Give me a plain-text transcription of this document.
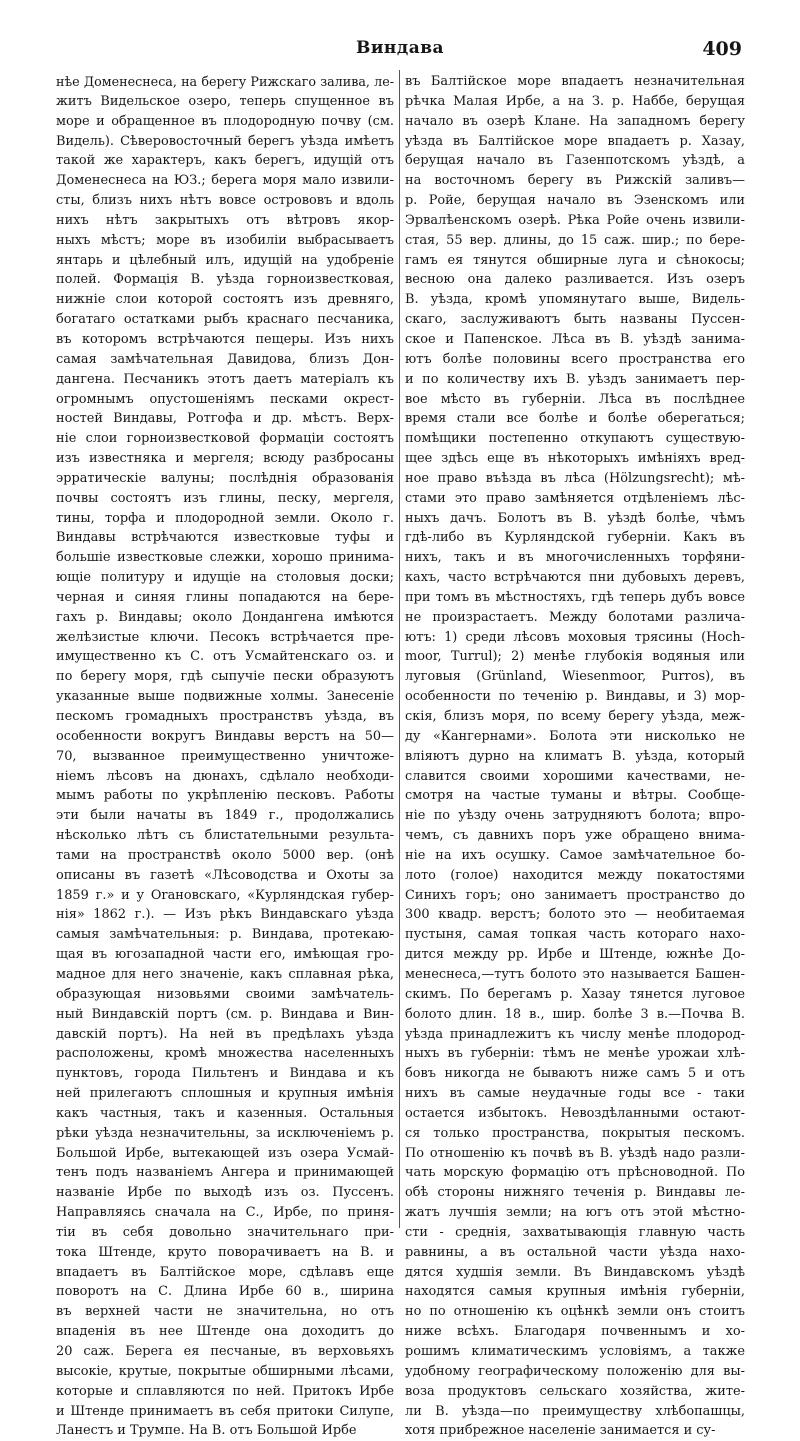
Виндава	409
нѣе Доменеснеса, на берегу Рижскаго залива, ле-
житъ Видельское озеро, теперь спущенное въ
море и обращенное въ плодородную почву (см.
Видель). Сѣверовосточный берегъ уѣзда имѣетъ
такой же характеръ, какъ берегъ, идущій отъ
Доменеснеса на ЮЗ.; берега моря мало извили-
сты, близъ нихъ нѣтъ вовсе острововъ и вдоль
нихъ нѣтъ закрытыхъ отъ вѣтровъ якор-
ныхъ мѣстъ; море въ изобиліи выбрасываетъ
янтарь и цѣлебный илъ, идущій на удобреніе
полей. Формація В. уѣзда горноизвестковая,
нижніе слои которой состоятъ изъ древняго,
богатаго остатками рыбъ краснаго песчаника,
въ которомъ встрѣчаются пещеры. Изъ нихъ
самая замѣчательная Давидова, близъ Дон-
дангена. Песчаникъ этотъ даетъ матеріалъ къ
огромнымъ опустошеніямъ песками окрест-
ностей Виндавы, Ротгофа и др. мѣстъ. Верх-
ніе слои горноизвестковой формаціи состоятъ
изъ известняка и мергеля; всюду разбросаны
эрратическіе валуны; послѣднія образованія
почвы состоятъ изъ глины, песку, мергеля,
тины, торфа и плодородной земли. Около г.
Виндавы встрѣчаются известковые туфы и
большіе известковые слежки, хорошо принима-
ющіе политуру и идущіе на столовыя доски;
черная и синяя глины попадаются на бере-
гахъ р. Виндавы; около Дондангена имѣются
желѣзистые ключи. Песокъ встрѣчается пре-
имущественно къ С. отъ Усмайтенскаго оз. и
по берегу моря, гдѣ сыпучіе пески образуютъ
указанные выше подвижные холмы. Занесеніе
пескомъ громадныхъ пространствъ уѣзда, въ
особенности вокругъ Виндавы верстъ на 50—
70, вызванное преимущественно уничтоже-
ніемъ лѣсовъ на дюнахъ, сдѣлало необходи-
мымъ работы по укрѣпленію песковъ. Работы
эти были начаты въ 1849 г., продолжались
нѣсколько лѣтъ съ блистательными результа-
тами на пространствѣ около 5000 вер. (онѣ
описаны въ газетѣ «Лѣсоводства и Охоты за
1859 г.» и у Orановскаго, «Курляндская губер-
нія» 1862 г.). — Изъ рѣкъ Виндавскаго уѣзда
самыя замѣчательныя: р. Виндава, протекаю-
щая въ югозападной части его, имѣющая гро-
мадное для него значеніе, какъ сплавная рѣка,
образующая низовьями своими замѣчатель-
ный Виндавскій портъ (см. р. Виндава и Вин-
давскій портъ). На ней въ предѣлахъ уѣзда
расположены, кромѣ множества населенныхъ
пунктовъ, города Пильтенъ и Виндава и къ
ней прилегаютъ сплошныя и крупныя имѣнія
какъ частныя, такъ и казенныя. Остальныя
рѣки уѣзда незначительны, за исключеніемъ р.
Большой Ирбе, вытекающей изъ озера Усмай-
тенъ подъ названіемъ Ангера и принимающей
названіе Ирбе по выходѣ изъ оз. Пуссенъ.
Направляясь сначала на С., Ирбе, по приня-
тіи въ себя довольно значительнаго при-
тока Штенде, круто поворачиваетъ на В. и
впадаетъ въ Балтійское море, сдѣлавъ еще
поворотъ на С. Длина Ирбе 60 в., ширина
въ верхней части не значительна, но отъ
впаденія въ нее Штенде она доходитъ до
20 саж. Берега ея песчаные, въ верховьяхъ
высокіе, крутые, покрытые обширными лѣсами,
которые и сплавляются по ней. Притокъ Ирбе
и Штенде принимаетъ въ себя притоки Силупе,
Ланестъ и Трумпе. На В. отъ Большой Ирбе
въ Балтійское море впадаетъ незначительная
рѣчка Малая Ирбе, а на З. р. Наббе, берущая
начало въ озерѣ Клане. На западномъ берегу
уѣзда въ Балтійское море впадаетъ р. Хазау,
берущая начало въ Газенпотскомъ уѣздѣ, а
на восточномъ берегу въ Рижскій заливъ—
р. Ройе, берущая начало въ Эзенскомъ или
Эрвалѣенскомъ озерѣ. Рѣка Ройе очень извили-
стая, 55 вер. длины, до 15 саж. шир.; по бере-
гамъ ея тянутся обширные луга и сѣнокосы;
весною она далеко разливается. Изъ озеръ
В. уѣзда, кромѣ упомянутаго выше, Видель-
скаго, заслуживаютъ быть названы Пуссен-
ское и Папенское. Лѣса въ В. уѣздѣ занима-
ютъ болѣе половины всего пространства его
и по количеству ихъ В. уѣздъ занимаетъ пер-
вое мѣсто въ губерніи. Лѣса въ послѣднее
время стали все болѣе и болѣе оберегаться;
помѣщики постепенно откупаютъ существую-
щее здѣсь еще въ нѣкоторыхъ имѣніяхъ вред-
ное право въѣзда въ лѣса (Hölzungsrecht); мѣ-
стами это право замѣняется отдѣленіемъ лѣс-
ныхъ дачъ. Болотъ въ В. уѣздѣ болѣе, чѣмъ
гдѣ-либо въ Курляндской губерніи. Какъ въ
нихъ, такъ и въ многочисленныхъ торфяни-
кахъ, часто встрѣчаются пни дубовыхъ деревъ,
при томъ въ мѣстностяхъ, гдѣ теперь дубъ вовсе
не произрастаетъ. Между болотами различа-
ютъ: 1) среди лѣсовъ моховыя трясины (Hoch-
moor, Turrul); 2) менѣе глубокія водяныя или
луговыя (Grünland, Wiesenmoor, Purros), въ
особенности по теченію р. Виндавы, и 3) мор-
скія, близъ моря, по всему берегу уѣзда, меж-
ду «Кангернами». Болота эти нисколько не
вліяютъ дурно на климатъ В. уѣзда, который
славится своими хорошими качествами, не-
смотря на частые туманы и вѣтры. Сообще-
ніе по уѣзду очень затрудняютъ болота; впро-
чемъ, съ давнихъ поръ уже обращено внима-
ніе на ихъ осушку. Самое замѣчательное бо-
лото (голое) находится между покатостями
Синихъ горъ; оно занимаетъ пространство до
300 квадр. верстъ; болото это — необитаемая
пустыня, самая топкая часть котораго нахо-
дится между рр. Ирбе и Штенде, южнѣе До-
менеснеса,—тутъ болото это называется Башен-
скимъ. По берегамъ р. Хазау тянется луговое
болото длин. 18 в., шир. болѣе 3 в.—Почва В.
уѣзда принадлежитъ къ числу менѣе плодород-
ныхъ въ губерніи: тѣмъ не менѣе урожаи хлѣ-
бовъ никогда не бываютъ ниже самъ 5 и отъ
нихъ въ самые неудачные годы все - таки
остается избытокъ. Невоздѣланными остают-
ся только пространства, покрытыя пескомъ.
По отношенію къ почвѣ въ В. уѣздѣ надо разли-
чать морскую формацію отъ прѣсноводной. По
обѣ стороны нижняго теченія р. Виндавы ле-
жатъ лучшія земли; на югъ отъ этой мѣстно-
сти - среднія, захватывающія главную часть
равнины, а въ остальной части уѣзда нахо-
дятся худшія земли. Въ Виндавскомъ уѣздѣ
находятся самыя крупныя имѣнія губерніи,
но по отношенію къ оцѣнкѣ земли онъ стоитъ
ниже всѣхъ. Благодаря почвеннымъ и хо-
рошимъ климатическимъ условіямъ, а также
удобному географическому положенію для вы-
воза продуктовъ сельскаго хозяйства, жите-
ли В. уѣзда—по преимуществу хлѣбопашцы,
хотя прибрежное населеніе занимается и су-
